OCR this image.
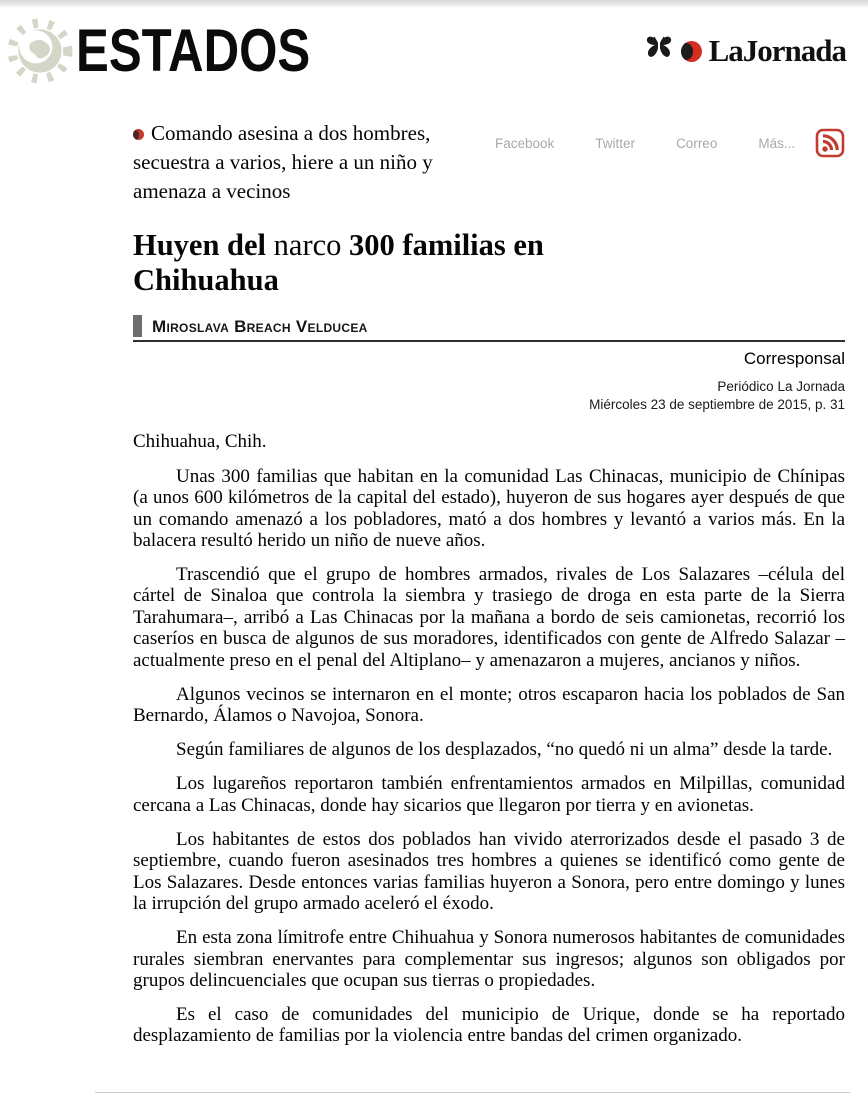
ESTADOS	LaJornada
Comando asesina a dos hombres, secuestra a varios, hiere a un niño y amenaza a vecinos
Facebook	Twitter	Correo	Más...
Huyen del narco 300 familias en Chihuahua
Miroslava Breach Velducea
Corresponsal
Periódico La Jornada
Miércoles 23 de septiembre de 2015, p. 31
Chihuahua, Chih.

Unas 300 familias que habitan en la comunidad Las Chinacas, municipio de Chínipas (a unos 600 kilómetros de la capital del estado), huyeron de sus hogares ayer después de que un comando amenazó a los pobladores, mató a dos hombres y levantó a varios más. En la balacera resultó herido un niño de nueve años.

Trascendió que el grupo de hombres armados, rivales de Los Salazares –célula del cártel de Sinaloa que controla la siembra y trasiego de droga en esta parte de la Sierra Tarahumara–, arribó a Las Chinacas por la mañana a bordo de seis camionetas, recorrió los caseríos en busca de algunos de sus moradores, identificados con gente de Alfredo Salazar –actualmente preso en el penal del Altiplano– y amenazaron a mujeres, ancianos y niños.

Algunos vecinos se internaron en el monte; otros escaparon hacia los poblados de San Bernardo, Álamos o Navojoa, Sonora.

Según familiares de algunos de los desplazados, “no quedó ni un alma” desde la tarde.

Los lugareños reportaron también enfrentamientos armados en Milpillas, comunidad cercana a Las Chinacas, donde hay sicarios que llegaron por tierra y en avionetas.

Los habitantes de estos dos poblados han vivido aterrorizados desde el pasado 3 de septiembre, cuando fueron asesinados tres hombres a quienes se identificó como gente de Los Salazares. Desde entonces varias familias huyeron a Sonora, pero entre domingo y lunes la irrupción del grupo armado aceleró el éxodo.

En esta zona límitrofe entre Chihuahua y Sonora numerosos habitantes de comunidades rurales siembran enervantes para complementar sus ingresos; algunos son obligados por grupos delincuenciales que ocupan sus tierras o propiedades.

Es el caso de comunidades del municipio de Urique, donde se ha reportado desplazamiento de familias por la violencia entre bandas del crimen organizado.
